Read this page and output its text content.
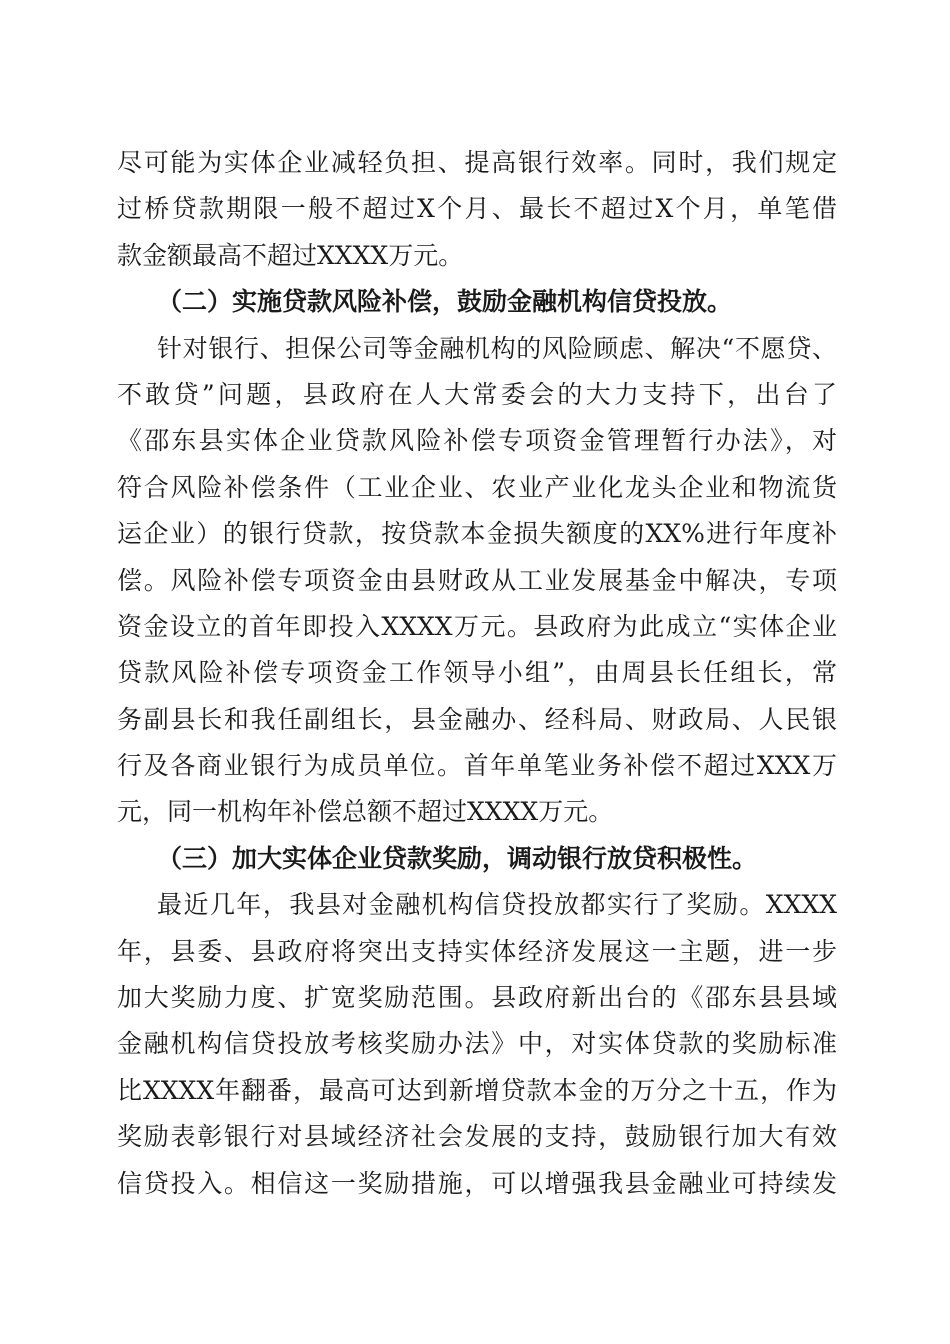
尽可能为实体企业减轻负担、提高银行效率。同时，我们规定
过桥贷款期限一般不超过X个月、最长不超过X个月，单笔借
款金额最高不超过XXXX万元。
（二）实施贷款风险补偿，鼓励金融机构信贷投放。
针对银行、担保公司等金融机构的风险顾虑、解决“不愿贷、
不敢贷”问题，县政府在人大常委会的大力支持下，出台了
《邵东县实体企业贷款风险补偿专项资金管理暂行办法》，对
符合风险补偿条件（工业企业、农业产业化龙头企业和物流货
运企业）的银行贷款，按贷款本金损失额度的XX%进行年度补
偿。风险补偿专项资金由县财政从工业发展基金中解决，专项
资金设立的首年即投入XXXX万元。县政府为此成立“实体企业
贷款风险补偿专项资金工作领导小组”，由周县长任组长，常
务副县长和我任副组长，县金融办、经科局、财政局、人民银
行及各商业银行为成员单位。首年单笔业务补偿不超过XXX万
元，同一机构年补偿总额不超过XXXX万元。
（三）加大实体企业贷款奖励，调动银行放贷积极性。
最近几年，我县对金融机构信贷投放都实行了奖励。XXXX
年，县委、县政府将突出支持实体经济发展这一主题，进一步
加大奖励力度、扩宽奖励范围。县政府新出台的《邵东县县域
金融机构信贷投放考核奖励办法》中，对实体贷款的奖励标准
比XXXX年翻番，最高可达到新增贷款本金的万分之十五，作为
奖励表彰银行对县域经济社会发展的支持，鼓励银行加大有效
信贷投入。相信这一奖励措施，可以增强我县金融业可持续发
